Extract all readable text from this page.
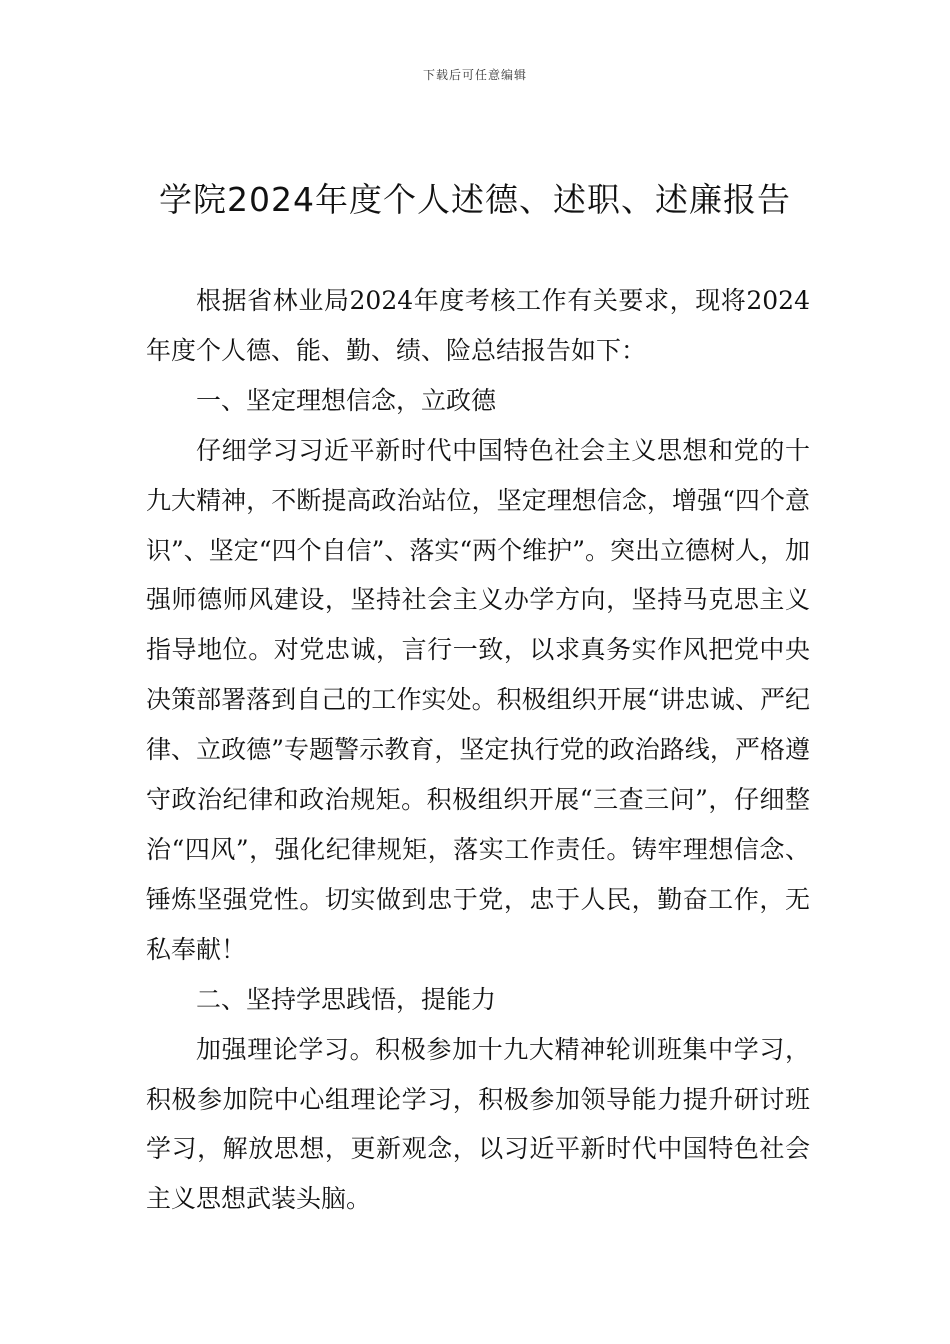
下载后可任意编辑
学院2024年度个人述德、述职、述廉报告

根据省林业局2024年度考核工作有关要求，现将2024年度个人德、能、勤、绩、险总结报告如下：

一、坚定理想信念，立政德

仔细学习习近平新时代中国特色社会主义思想和党的十九大精神，不断提高政治站位，坚定理想信念，增强“四个意识”、坚定“四个自信”、落实“两个维护”。突出立德树人，加强师德师风建设，坚持社会主义办学方向，坚持马克思主义指导地位。对党忠诚，言行一致，以求真务实作风把党中央决策部署落到自己的工作实处。积极组织开展“讲忠诚、严纪律、立政德”专题警示教育，坚定执行党的政治路线，严格遵守政治纪律和政治规矩。积极组织开展“三查三问”，仔细整治“四风”，强化纪律规矩，落实工作责任。铸牢理想信念、锤炼坚强党性。切实做到忠于党，忠于人民，勤奋工作，无私奉献！

二、坚持学思践悟，提能力

加强理论学习。积极参加十九大精神轮训班集中学习，积极参加院中心组理论学习，积极参加领导能力提升研讨班学习，解放思想，更新观念，以习近平新时代中国特色社会主义思想武装头脑。
